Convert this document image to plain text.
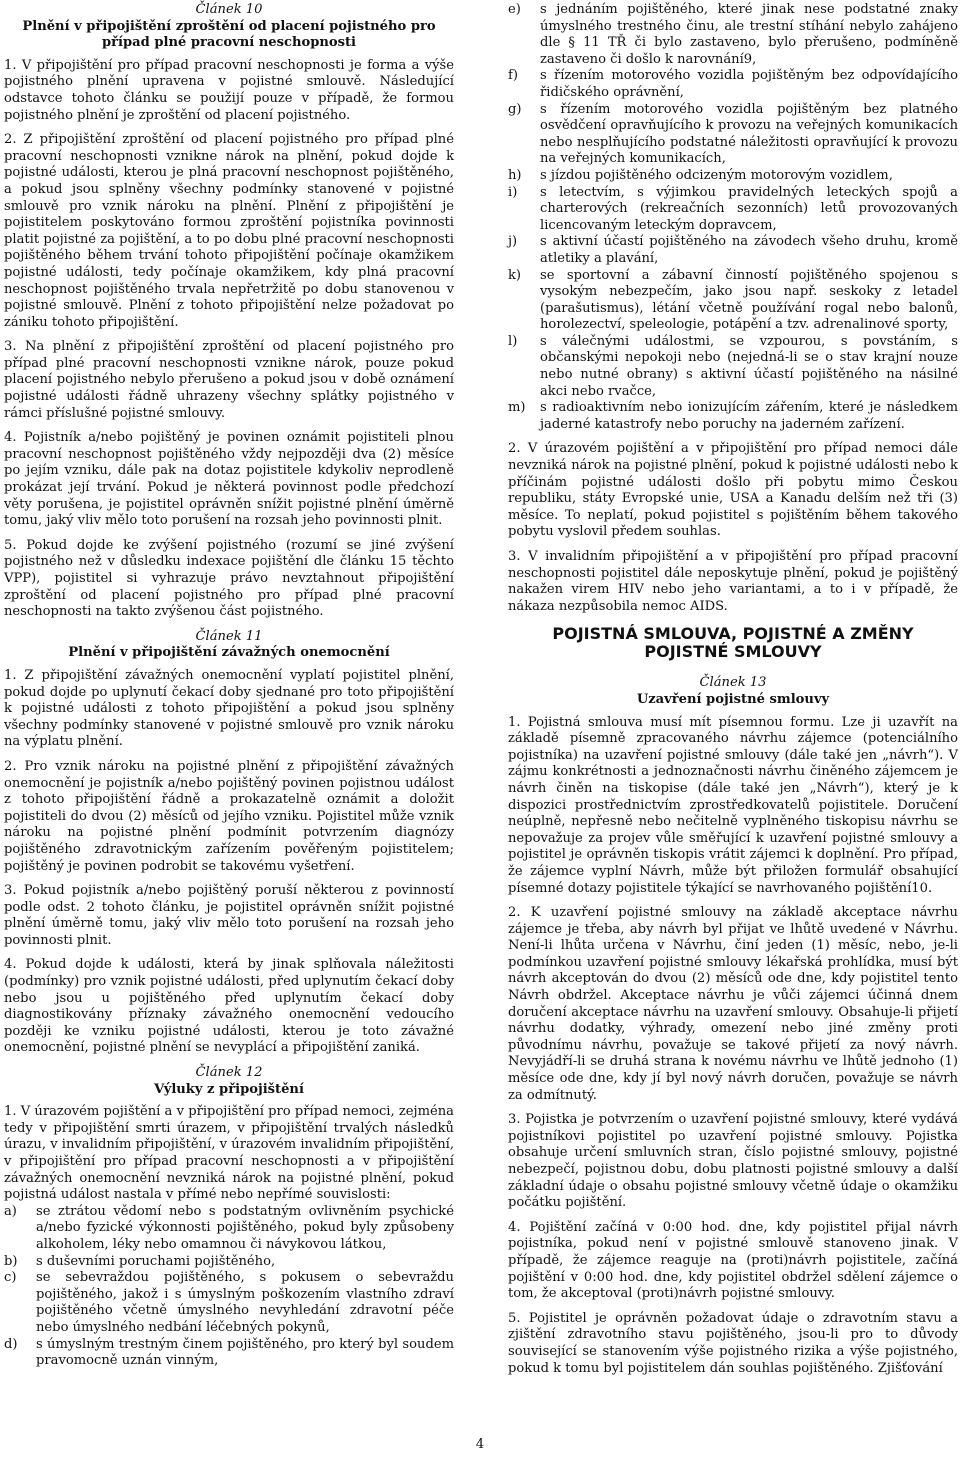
Článek 10

Plnění v připojištění zproštění od placení pojistného pro případ plné pracovní neschopnosti

1. V připojištění pro případ pracovní neschopnosti je forma a výše pojistného plnění upravena v pojistné smlouvě. Následující odstavce tohoto článku se použijí pouze v případě, že formou pojistného plnění je zproštění od placení pojistného.

2. Z připojištění zproštění od placení pojistného pro případ plné pracovní neschopnosti vznikne nárok na plnění, pokud dojde k pojistné události, kterou je plná pracovní neschopnost pojištěného, a pokud jsou splněny všechny podmínky stanovené v pojistné smlouvě pro vznik nároku na plnění. Plnění z připojištění je pojistitelem poskytováno formou zproštění pojistníka povinnosti platit pojistné za pojištění, a to po dobu plné pracovní neschopnosti pojištěného během trvání tohoto připojištění počínaje okamžikem pojistné události, tedy počínaje okamžikem, kdy plná pracovní neschopnost pojištěného trvala nepřetržitě po dobu stanovenou v pojistné smlouvě. Plnění z tohoto připojištění nelze požadovat po zániku tohoto připojištění.

3. Na plnění z připojištění zproštění od placení pojistného pro případ plné pracovní neschopnosti vznikne nárok, pouze pokud placení pojistného nebylo přerušeno a pokud jsou v době oznámení pojistné události řádně uhrazeny všechny splátky pojistného v rámci příslušné pojistné smlouvy.

4. Pojistník a/nebo pojištěný je povinen oznámit pojistiteli plnou pracovní neschopnost pojištěného vždy nejpozději dva (2) měsíce po jejím vzniku, dále pak na dotaz pojistitele kdykoliv neprodleně prokázat její trvání. Pokud je některá povinnost podle předchozí věty porušena, je pojistitel oprávněn snížit pojistné plnění úměrně tomu, jaký vliv mělo toto porušení na rozsah jeho povinnosti plnit.

5. Pokud dojde ke zvýšení pojistného (rozumí se jiné zvýšení pojistného než v důsledku indexace pojištění dle článku 15 těchto VPP), pojistitel si vyhrazuje právo nevztahnout připojištění zproštění od placení pojistného pro případ plné pracovní neschopnosti na takto zvýšenou část pojistného.

Článek 11

Plnění v připojištění závažných onemocnění

1. Z připojištění závažných onemocnění vyplatí pojistitel plnění, pokud dojde po uplynutí čekací doby sjednané pro toto připojištění k pojistné události z tohoto připojištění a pokud jsou splněny všechny podmínky stanovené v pojistné smlouvě pro vznik nároku na výplatu plnění.

2. Pro vznik nároku na pojistné plnění z připojištění závažných onemocnění je pojistník a/nebo pojištěný povinen pojistnou událost z tohoto připojištění řádně a prokazatelně oznámit a doložit pojistiteli do dvou (2) měsíců od jejího vzniku. Pojistitel může vznik nároku na pojistné plnění podmínit potvrzením diagnózy pojištěného zdravotnickým zařízením pověřeným pojistitelem; pojištěný je povinen podrobit se takovému vyšetření.

3. Pokud pojistník a/nebo pojištěný poruší některou z povinností podle odst. 2 tohoto článku, je pojistitel oprávněn snížit pojistné plnění úměrně tomu, jaký vliv mělo toto porušení na rozsah jeho povinnosti plnit.

4. Pokud dojde k události, která by jinak splňovala náležitosti (podmínky) pro vznik pojistné události, před uplynutím čekací doby nebo jsou u pojištěného před uplynutím čekací doby diagnostikovány příznaky závažného onemocnění vedoucího později ke vzniku pojistné události, kterou je toto závažné onemocnění, pojistné plnění se nevyplácí a připojištění zaniká.

Článek 12

Výluky z připojištění

1. V úrazovém pojištění a v připojištění pro případ nemoci, zejména tedy v připojištění smrti úrazem, v připojištění trvalých následků úrazu, v invalidním připojištění, v úrazovém invalidním připojištění, v připojištění pro případ pracovní neschopnosti a v připojištění závažných onemocnění nevzniká nárok na pojistné plnění, pokud pojistná událost nastala v přímé nebo nepřímé souvislosti:

a) se ztrátou vědomí nebo s podstatným ovlivněním psychické a/nebo fyzické výkonnosti pojištěného, pokud byly způsobeny alkoholem, léky nebo omamnou či návykovou látkou,
b) s duševními poruchami pojištěného,
c) se sebevraždou pojištěného, s pokusem o sebevraždu pojištěného, jakož i s úmyslným poškozením vlastního zdraví pojištěného včetně úmyslného nevyhledání zdravotní péče nebo úmyslného nedbání léčebných pokynů,
d) s úmyslným trestným činem pojištěného, pro který byl soudem pravomocně uznán vinným,
e) s jednáním pojištěného, které jinak nese podstatné znaky úmyslného trestného činu, ale trestní stíhání nebylo zahájeno dle § 11 TŘ či bylo zastaveno, bylo přerušeno, podmíněně zastaveno či došlo k narovnání9,
f) s řízením motorového vozidla pojištěným bez odpovídajícího řidičského oprávnění,
g) s řízením motorového vozidla pojištěným bez platného osvědčení opravňujícího k provozu na veřejných komunikacích nebo nesplňujícího podstatné náležitosti opravňující k provozu na veřejných komunikacích,
h) s jízdou pojištěného odcizeným motorovým vozidlem,
i) s letectvím, s výjimkou pravidelných leteckých spojů a charterových (rekreačních sezonních) letů provozovaných licencovaným leteckým dopravcem,
j) s aktivní účastí pojištěného na závodech všeho druhu, kromě atletiky a plavání,
k) se sportovní a zábavní činností pojištěného spojenou s vysokým nebezpečím, jako jsou např. seskoky z letadel (parašutismus), létání včetně používání rogal nebo balonů, horolezectví, speleologie, potápění a tzv. adrenalinové sporty,
l) s válečnými událostmi, se vzpourou, s povstáním, s občanskými nepokoji nebo (nejedná-li se o stav krajní nouze nebo nutné obrany) s aktivní účastí pojištěného na násilné akci nebo rvačce,
m) s radioaktivním nebo ionizujícím zářením, které je následkem jaderné katastrofy nebo poruchy na jaderném zařízení.

2. V úrazovém pojištění a v připojištění pro případ nemoci dále nevzniká nárok na pojistné plnění, pokud k pojistné události nebo k příčinám pojistné události došlo při pobytu mimo Českou republiku, státy Evropské unie, USA a Kanadu delším než tři (3) měsíce. To neplatí, pokud pojistitel s pojištěním během takového pobytu vyslovil předem souhlas.

3. V invalidním připojištění a v připojištění pro případ pracovní neschopnosti pojistitel dále neposkytuje plnění, pokud je pojištěný nakažen virem HIV nebo jeho variantami, a to i v případě, že nákaza nezpůsobila nemoc AIDS.

POJISTNÁ SMLOUVA, POJISTNÉ A ZMĚNY POJISTNÉ SMLOUVY

Článek 13

Uzavření pojistné smlouvy

1. Pojistná smlouva musí mít písemnou formu. Lze ji uzavřít na základě písemně zpracovaného návrhu zájemce (potenciálního pojistníka) na uzavření pojistné smlouvy (dále také jen „návrh“). V zájmu konkrétnosti a jednoznačnosti návrhu činěného zájemcem je návrh činěn na tiskopise (dále také jen „Návrh“), který je k dispozici prostřednictvím zprostředkovatelů pojistitele. Doručení neúplně, nepřesně nebo nečitelně vyplněného tiskopisu návrhu se nepovažuje za projev vůle směřující k uzavření pojistné smlouvy a pojistitel je oprávněn tiskopis vrátit zájemci k doplnění. Pro případ, že zájemce vyplní Návrh, může být přiložen formulář obsahující písemné dotazy pojistitele týkající se navrhovaného pojištění10.

2. K uzavření pojistné smlouvy na základě akceptace návrhu zájemce je třeba, aby návrh byl přijat ve lhůtě uvedené v Návrhu. Není-li lhůta určena v Návrhu, činí jeden (1) měsíc, nebo, je-li podmínkou uzavření pojistné smlouvy lékařská prohlídka, musí být návrh akceptován do dvou (2) měsíců ode dne, kdy pojistitel tento Návrh obdržel. Akceptace návrhu je vůči zájemci účinná dnem doručení akceptace návrhu na uzavření smlouvy. Obsahuje-li přijetí návrhu dodatky, výhrady, omezení nebo jiné změny proti původnímu návrhu, považuje se takové přijetí za nový návrh. Nevyjádří-li se druhá strana k novému návrhu ve lhůtě jednoho (1) měsíce ode dne, kdy jí byl nový návrh doručen, považuje se návrh za odmítnutý.

3. Pojistka je potvrzením o uzavření pojistné smlouvy, které vydává pojistníkovi pojistitel po uzavření pojistné smlouvy. Pojistka obsahuje určení smluvních stran, číslo pojistné smlouvy, pojistné nebezpečí, pojistnou dobu, dobu platnosti pojistné smlouvy a další základní údaje o obsahu pojistné smlouvy včetně údaje o okamžiku počátku pojištění.

4. Pojištění začíná v 0:00 hod. dne, kdy pojistitel přijal návrh pojistníka, pokud není v pojistné smlouvě stanoveno jinak. V případě, že zájemce reaguje na (proti)návrh pojistitele, začíná pojištění v 0:00 hod. dne, kdy pojistitel obdržel sdělení zájemce o tom, že akceptoval (proti)návrh pojistné smlouvy.

5. Pojistitel je oprávněn požadovat údaje o zdravotním stavu a zjištění zdravotního stavu pojištěného, jsou-li pro to důvody související se stanovením výše pojistného rizika a výše pojistného, pokud k tomu byl pojistitelem dán souhlas pojištěného. Zjišťování

4
